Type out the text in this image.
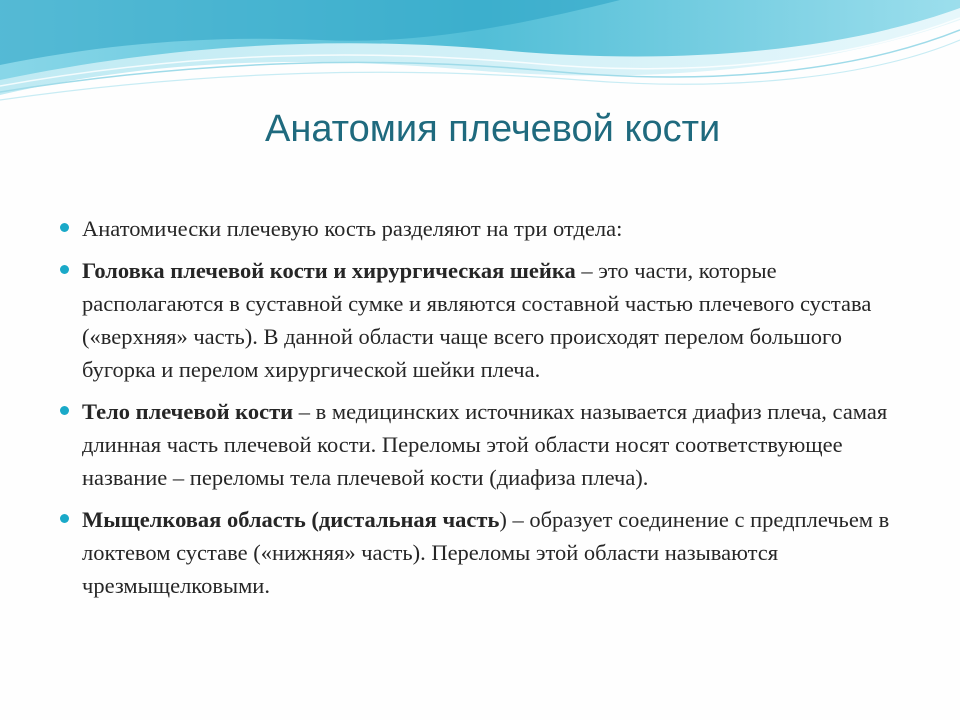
Анатомия плечевой кости
Анатомически плечевую кость разделяют на три отдела:
Головка плечевой кости и хирургическая шейка – это части, которые располагаются в суставной сумке и являются составной частью плечевого сустава («верхняя» часть). В данной области чаще всего происходят перелом большого бугорка и перелом хирургической шейки плеча.
Тело плечевой кости – в медицинских источниках называется диафиз плеча, самая длинная часть плечевой кости. Переломы этой области носят соответствующее название – переломы тела плечевой кости (диафиза плеча).
Мыщелковая область (дистальная часть) – образует соединение с предплечьем в локтевом суставе («нижняя» часть). Переломы этой области называются чрезмыщелковыми.
